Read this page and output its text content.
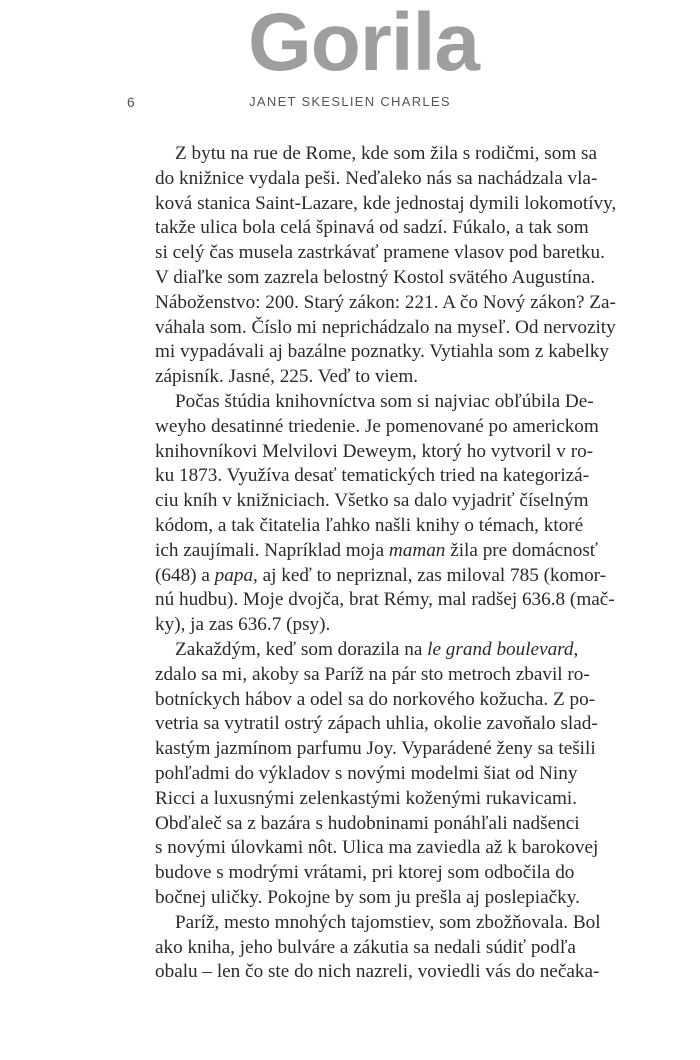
Gorila
6	JANET SKESLIEN CHARLES
Z bytu na rue de Rome, kde som žila s rodičmi, som sa
do knižnice vydala peši. Neďaleko nás sa nachádzala vla-
ková stanica Saint-Lazare, kde jednostaj dymili lokomotívy,
takže ulica bola celá špinavá od sadzí. Fúkalo, a tak som
si celý čas musela zastrkávať pramene vlasov pod baretku.
V diaľke som zazrela belostný Kostol svätého Augustína.
Náboženstvo: 200. Starý zákon: 221. A čo Nový zákon? Za-
váhala som. Číslo mi neprichádzalo na myseľ. Od nervozity
mi vypadávali aj bazálne poznatky. Vytiahla som z kabelky
zápisník. Jasné, 225. Veď to viem.
Počas štúdia knihovníctva som si najviac obľúbila De-
weyho desatinné triedenie. Je pomenované po americkom
knihovníkovi Melvilovi Deweym, ktorý ho vytvoril v ro-
ku 1873. Využíva desať tematických tried na kategorizá-
ciu kníh v knižniciach. Všetko sa dalo vyjadriť číselným
kódom, a tak čitatelia ľahko našli knihy o témach, ktoré
ich zaujímali. Napríklad moja maman žila pre domácnosť
(648) a papa, aj keď to nepriznal, zas miloval 785 (komor-
nú hudbu). Moje dvojča, brat Rémy, mal radšej 636.8 (mač-
ky), ja zas 636.7 (psy).
Zakaždým, keď som dorazila na le grand boulevard,
zdalo sa mi, akoby sa Paríž na pár sto metroch zbavil ro-
botníckych hábov a odel sa do norkového kožucha. Z po-
vetria sa vytratil ostrý zápach uhlia, okolie zavoňalo slad-
kastým jazmínom parfumu Joy. Vyparádené ženy sa tešili
pohľadmi do výkladov s novými modelmi šiat od Niny
Ricci a luxusnými zelenkastými koženými rukavicami.
Obďaleč sa z bazára s hudobninami ponáhľali nadšenci
s novými úlovkami nôt. Ulica ma zaviedla až k barokovej
budove s modrými vrátami, pri ktorej som odbočila do
bočnej uličky. Pokojne by som ju prešla aj poslepiačky.
Paríž, mesto mnohých tajomstiev, som zbožňovala. Bol
ako kniha, jeho bulváre a zákutia sa nedali súdiť podľa
obalu – len čo ste do nich nazreli, voviedli vás do nečaka-
